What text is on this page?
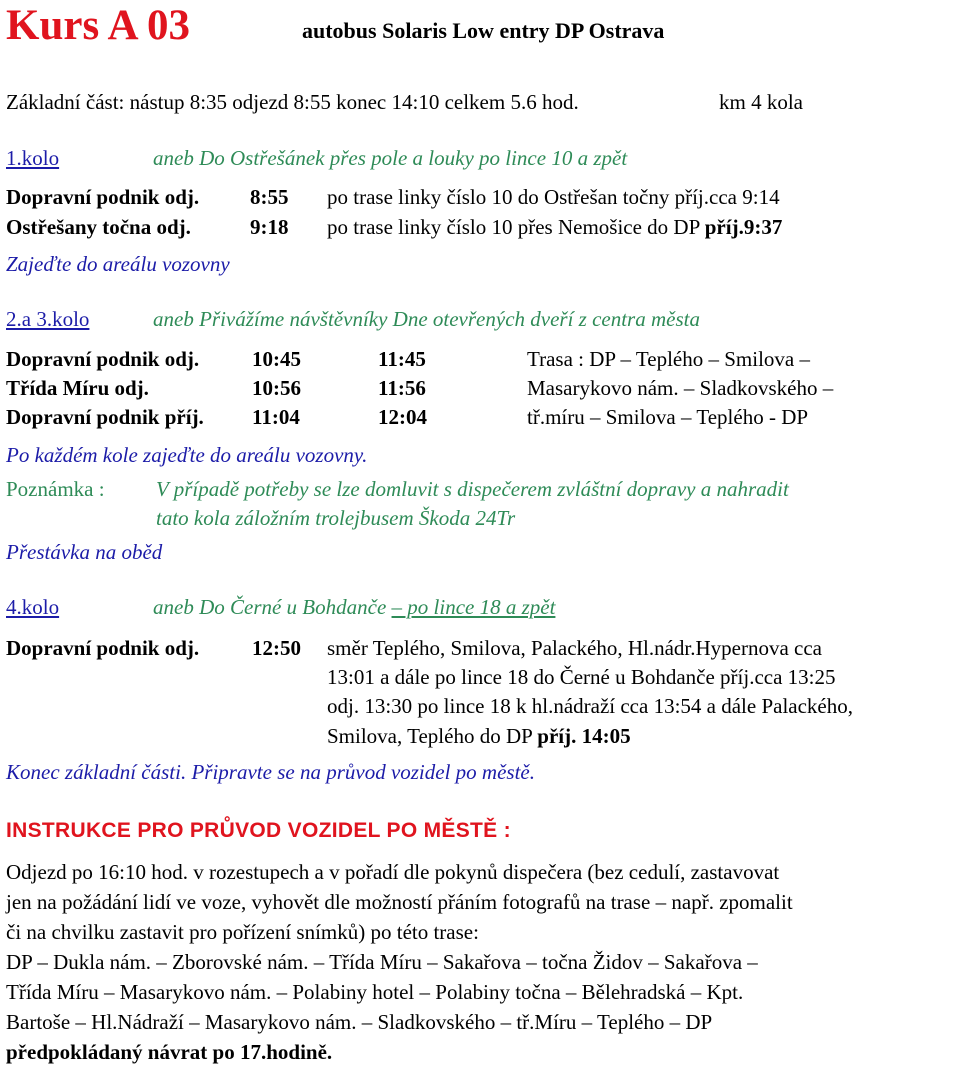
Kurs A 03	autobus Solaris Low entry DP Ostrava
Základní část: nástup 8:35 odjezd 8:55 konec 14:10 celkem 5.6 hod.	km 4 kola
1.kolo	aneb Do Ostřešánek přes pole a louky po lince 10 a zpět
Dopravní podnik odj. 8:55 po trase linky číslo 10 do Ostřešan točny příj.cca 9:14
Ostřešany točna odj.	9:18 po trase linky číslo 10 přes Nemošice do DP příj.9:37
Zajeďte do areálu vozovny
2.a 3.kolo	aneb Přivážíme návštěvníky Dne otevřených dveří z centra města
Dopravní podnik odj.	10:45	11:45	Trasa : DP – Teplého – Smilova –
Třída Míru odj.	10:56	11:56	Masarykovo nám. – Sladkovského –
Dopravní podnik příj. 11:04	12:04	tř.míru – Smilova – Teplého - DP
Po každém kole zajeďte do areálu vozovny.
Poznámka : V případě potřeby se lze domluvit s dispečerem zvláštní dopravy a nahradit
tato kola záložním trolejbusem Škoda 24Tr
Přestávka na oběd
4.kolo	aneb Do Černé u Bohdanče – po lince 18 a zpět
Dopravní podnik odj.	12:50 směr Teplého, Smilova, Palackého, Hl.nádr.Hypernova cca
13:01 a dále po lince 18 do Černé u Bohdanče příj.cca 13:25
odj. 13:30 po lince 18 k hl.nádraží cca 13:54 a dále Palackého,
Smilova, Teplého do DP příj. 14:05
Konec základní části. Připravte se na průvod vozidel po městě.
INSTRUKCE PRO PRŮVOD VOZIDEL PO MĚSTĚ :
Odjezd po 16:10 hod. v rozestupech a v pořadí dle pokynů dispečera (bez cedulí, zastavovat
jen na požádání lidí ve voze, vyhovět dle možností přáním fotografů na trase – např. zpomalit
či na chvilku zastavit pro pořízení snímků) po této trase:
DP – Dukla nám. – Zborovské nám. – Třída Míru – Sakařova – točna Židov – Sakařova –
Třída Míru – Masarykovo nám. – Polabiny hotel – Polabiny točna – Bělehradská – Kpt.
Bartoše – Hl.Nádraží – Masarykovo nám. – Sladkovského – tř.Míru – Teplého – DP
předpokládaný návrat po 17.hodině.
